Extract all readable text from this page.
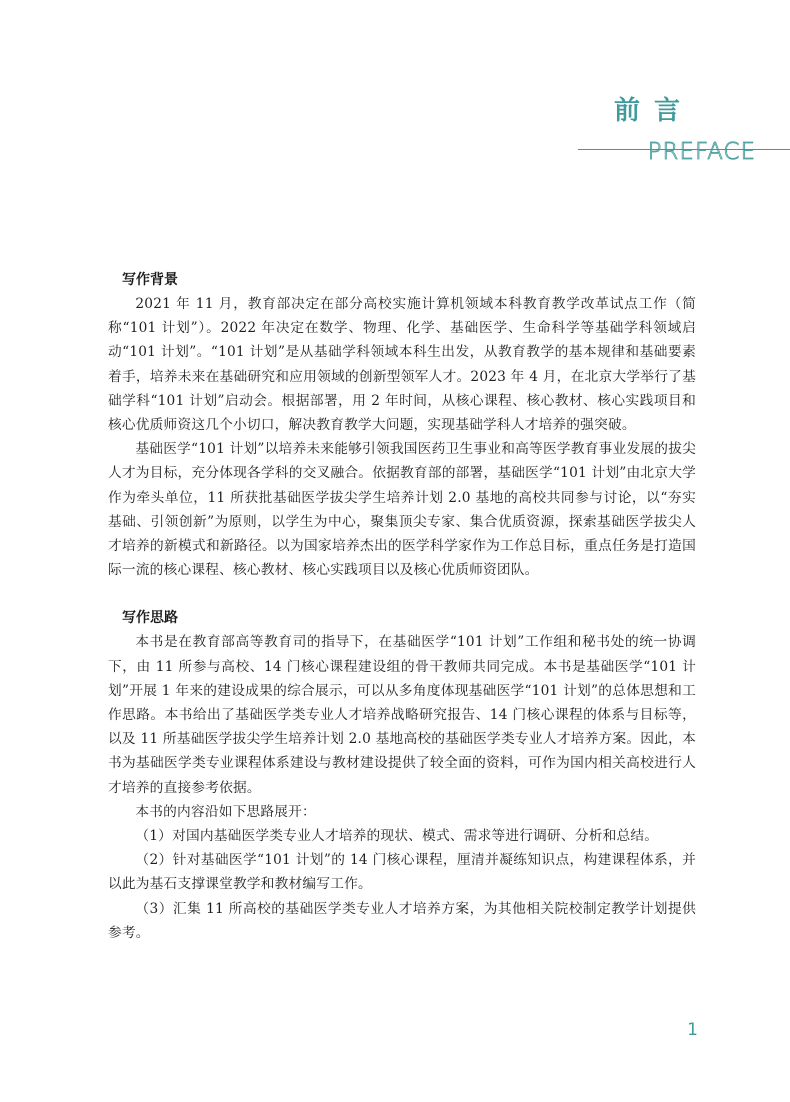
前言
PREFACE

写作背景

2021 年 11 月，教育部决定在部分高校实施计算机领域本科教育教学改革试点工作（简称“101 计划”）。2022 年决定在数学、物理、化学、基础医学、生命科学等基础学科领域启动“101 计划”。“101 计划”是从基础学科领域本科生出发，从教育教学的基本规律和基础要素着手，培养未来在基础研究和应用领域的创新型领军人才。2023 年 4 月，在北京大学举行了基础学科“101 计划”启动会。根据部署，用 2 年时间，从核心课程、核心教材、核心实践项目和核心优质师资这几个小切口，解决教育教学大问题，实现基础学科人才培养的强突破。

基础医学“101 计划”以培养未来能够引领我国医药卫生事业和高等医学教育事业发展的拔尖人才为目标，充分体现各学科的交叉融合。依据教育部的部署，基础医学“101 计划”由北京大学作为牵头单位，11 所获批基础医学拔尖学生培养计划 2.0 基地的高校共同参与讨论，以“夯实基础、引领创新”为原则，以学生为中心，聚集顶尖专家、集合优质资源，探索基础医学拔尖人才培养的新模式和新路径。以为国家培养杰出的医学科学家作为工作总目标，重点任务是打造国际一流的核心课程、核心教材、核心实践项目以及核心优质师资团队。

写作思路

本书是在教育部高等教育司的指导下，在基础医学“101 计划”工作组和秘书处的统一协调下，由 11 所参与高校、14 门核心课程建设组的骨干教师共同完成。本书是基础医学“101 计划”开展 1 年来的建设成果的综合展示，可以从多角度体现基础医学“101 计划”的总体思想和工作思路。本书给出了基础医学类专业人才培养战略研究报告、14 门核心课程的体系与目标等，以及 11 所基础医学拔尖学生培养计划 2.0 基地高校的基础医学类专业人才培养方案。因此，本书为基础医学类专业课程体系建设与教材建设提供了较全面的资料，可作为国内相关高校进行人才培养的直接参考依据。

本书的内容沿如下思路展开：

（1）对国内基础医学类专业人才培养的现状、模式、需求等进行调研、分析和总结。

（2）针对基础医学“101 计划”的 14 门核心课程，厘清并凝练知识点，构建课程体系，并以此为基石支撑课堂教学和教材编写工作。

（3）汇集 11 所高校的基础医学类专业人才培养方案，为其他相关院校制定教学计划提供参考。

1
